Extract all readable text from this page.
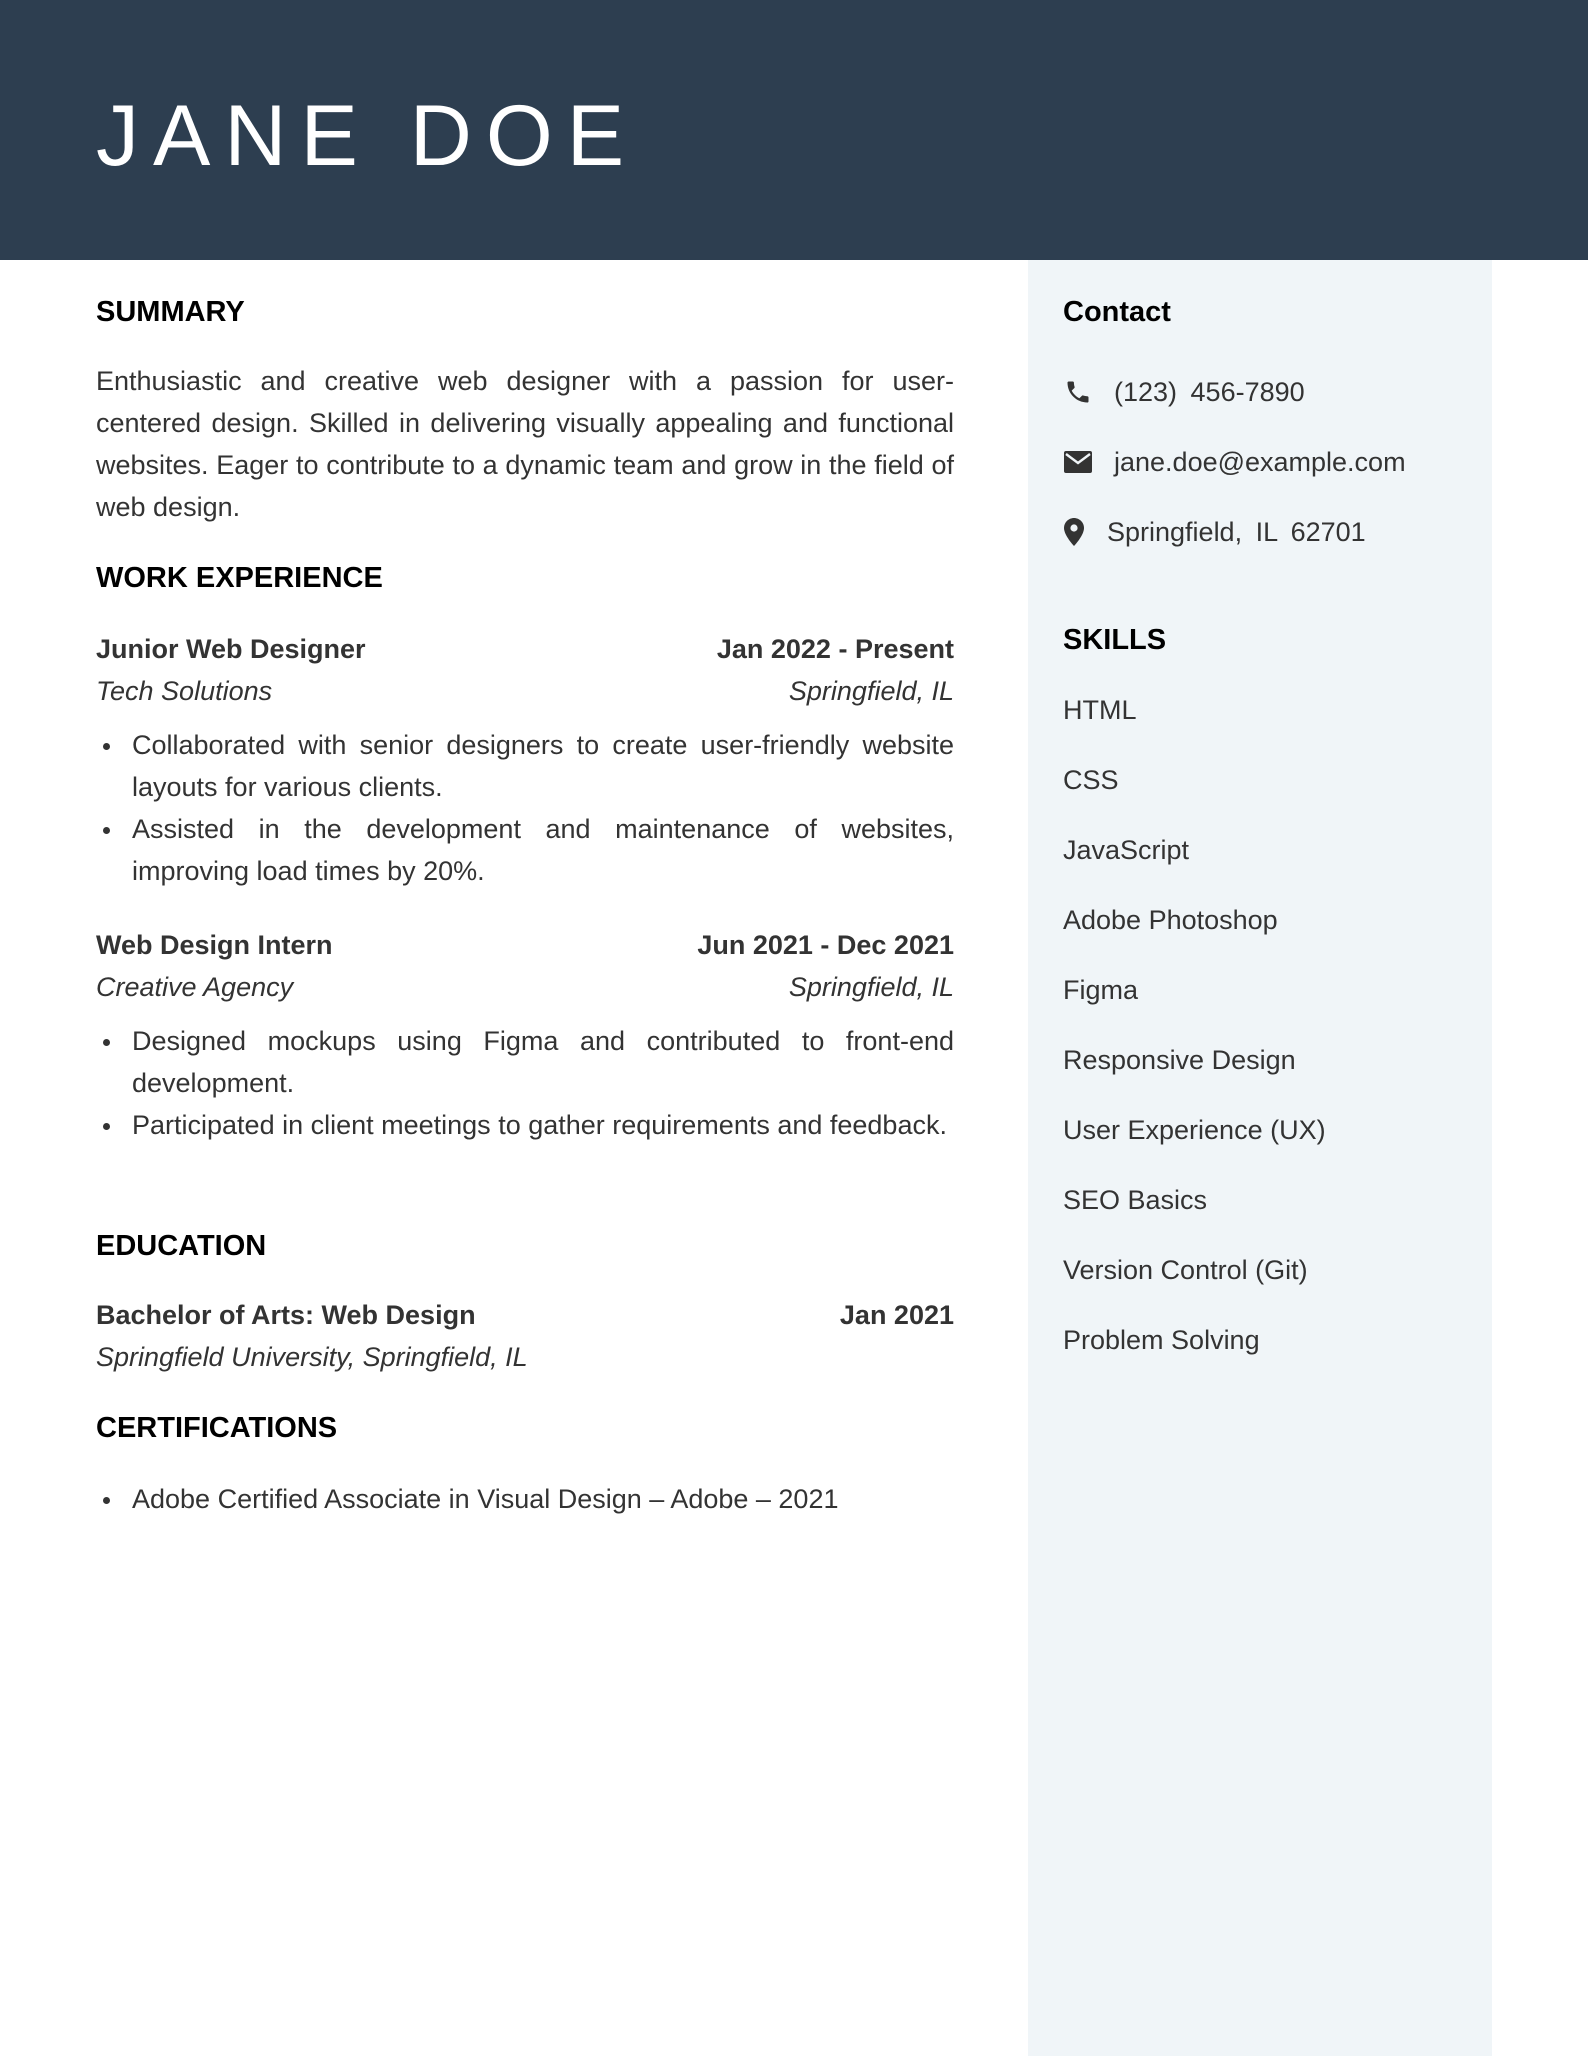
JANE DOE
SUMMARY

Enthusiastic and creative web designer with a passion for user-centered design. Skilled in delivering visually appealing and functional websites. Eager to contribute to a dynamic team and grow in the field of web design.

WORK EXPERIENCE
Junior Web Designer	Jan 2022 - Present
Tech Solutions	Springfield, IL
Collaborated with senior designers to create user-friendly website layouts for various clients.
Assisted in the development and maintenance of websites, improving load times by 20%.
Web Design Intern	Jun 2021 - Dec 2021
Creative Agency	Springfield, IL
Designed mockups using Figma and contributed to front-end development.
Participated in client meetings to gather requirements and feedback.
EDUCATION
Bachelor of Arts: Web Design	Jan 2021
Springfield University, Springfield, IL
CERTIFICATIONS
Adobe Certified Associate in Visual Design – Adobe – 2021
Contact
(123) 456-7890
jane.doe@example.com
Springfield, IL 62701
SKILLS
HTML
CSS
JavaScript
Adobe Photoshop
Figma
Responsive Design
User Experience (UX)
SEO Basics
Version Control (Git)
Problem Solving
